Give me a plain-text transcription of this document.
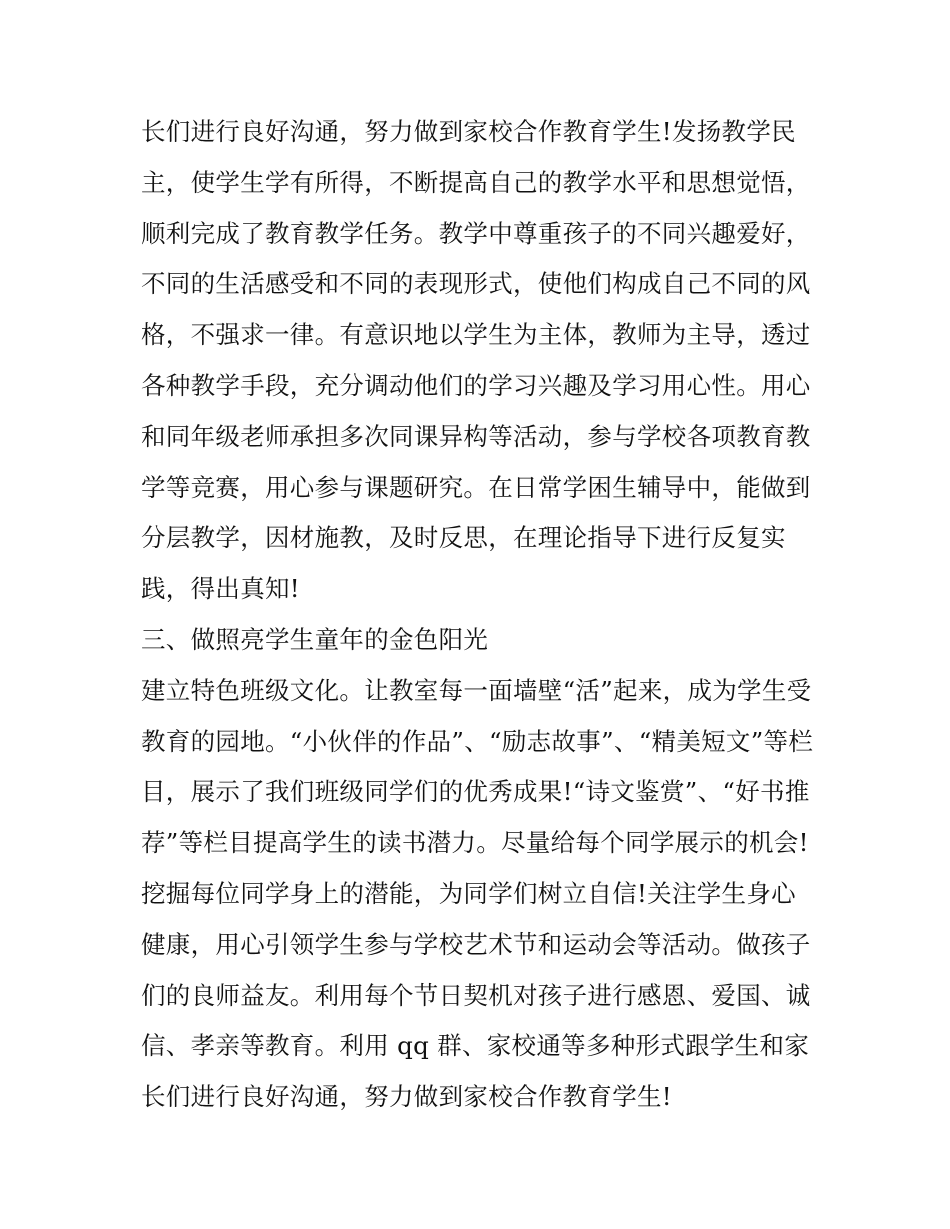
长们进行良好沟通，努力做到家校合作教育学生!发扬教学民
主，使学生学有所得，不断提高自己的教学水平和思想觉悟，
顺利完成了教育教学任务。教学中尊重孩子的不同兴趣爱好，
不同的生活感受和不同的表现形式，使他们构成自己不同的风
格，不强求一律。有意识地以学生为主体，教师为主导，透过
各种教学手段，充分调动他们的学习兴趣及学习用心性。用心
和同年级老师承担多次同课异构等活动，参与学校各项教育教
学等竞赛，用心参与课题研究。在日常学困生辅导中，能做到
分层教学，因材施教，及时反思，在理论指导下进行反复实
践，得出真知!
三、做照亮学生童年的金色阳光
建立特色班级文化。让教室每一面墙壁“活”起来，成为学生受
教育的园地。“小伙伴的作品”、“励志故事”、“精美短文”等栏
目，展示了我们班级同学们的优秀成果!“诗文鉴赏”、“好书推
荐”等栏目提高学生的读书潜力。尽量给每个同学展示的机会!
挖掘每位同学身上的潜能，为同学们树立自信!关注学生身心
健康，用心引领学生参与学校艺术节和运动会等活动。做孩子
们的良师益友。利用每个节日契机对孩子进行感恩、爱国、诚
信、孝亲等教育。利用 qq 群、家校通等多种形式跟学生和家
长们进行良好沟通，努力做到家校合作教育学生!
